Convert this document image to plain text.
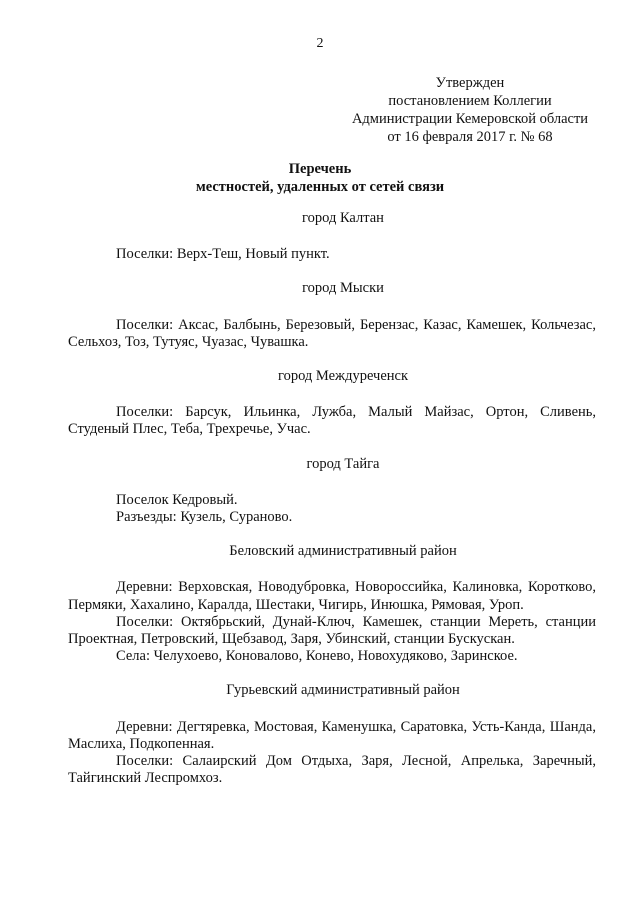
2
Утвержден
постановлением Коллегии
Администрации Кемеровской области
от 16 февраля 2017 г. № 68
Перечень
местностей, удаленных от сетей связи
город Калтан

Поселки: Верх-Теш, Новый пункт.

город Мыски

Поселки: Аксас, Балбынь, Березовый, Берензас, Казас, Камешек, Кольчезас, Сельхоз, Тоз, Тутуяс, Чуазас, Чувашка.

город Междуреченск

Поселки: Барсук, Ильинка, Лужба, Малый Майзас, Ортон, Сливень, Студеный Плес, Теба, Трехречье, Учас.

город Тайга

Поселок Кедровый.

Разъезды: Кузель, Сураново.

Беловский административный район

Деревни: Верховская, Новодубровка, Новороссийка, Калиновка, Коротково, Пермяки, Хахалино, Каралда, Шестаки, Чигирь, Инюшка, Рямовая, Уроп.

Поселки: Октябрьский, Дунай-Ключ, Камешек, станции Мереть, станции Проектная, Петровский, Щебзавод, Заря, Убинский, станции Бускускан.

Села: Челухоево, Коновалово, Конево, Новохудяково, Заринское.

Гурьевский административный район

Деревни: Дегтяревка, Мостовая, Каменушка, Саратовка, Усть-Канда, Шанда, Маслиха, Подкопенная.

Поселки: Салаирский Дом Отдыха, Заря, Лесной, Апрелька, Заречный, Тайгинский Леспромхоз.
